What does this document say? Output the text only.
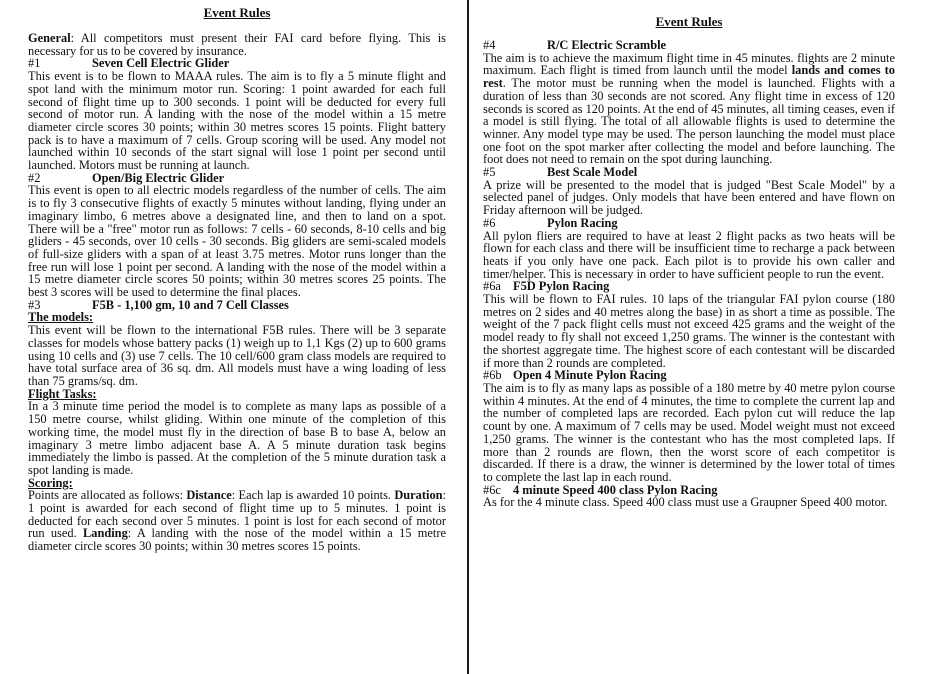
Event Rules

General: All competitors must present their FAI card before flying. This is necessary for us to be covered by insurance.

#1	Seven Cell Electric Glider

This event is to be flown to MAAA rules. The aim is to fly a 5 minute flight and spot land with the minimum motor run. Scoring: 1 point awarded for each full second of flight time up to 300 seconds. 1 point will be deducted for every full second of motor run. A landing with the nose of the model within a 15 metre diameter circle scores 30 points; within 30 metres scores 15 points. Flight battery pack is to have a maximum of 7 cells. Group scoring will be used. Any model not launched within 10 seconds of the start signal will lose 1 point per second until launched. Motors must be running at launch.

#2	Open/Big Electric Glider

This event is open to all electric models regardless of the number of cells. The aim is to fly 3 consecutive flights of exactly 5 minutes without landing, flying under an imaginary limbo, 6 metres above a designated line, and then to land on a spot. There will be a "free" motor run as follows: 7 cells - 60 seconds, 8-10 cells and big gliders - 45 seconds, over 10 cells - 30 seconds. Big gliders are semi-scaled models of full-size gliders with a span of at least 3.75 metres. Motor runs longer than the free run will lose 1 point per second. A landing with the nose of the model within a 15 metre diameter circle scores 50 points; within 30 metres scores 25 points. The best 3 scores will be used to determine the final places.

#3	F5B - 1,100 gm, 10 and 7 Cell Classes
The models:

This event will be flown to the international F5B rules. There will be 3 separate classes for models whose battery packs (1) weigh up to 1,1 Kgs (2) up to 600 grams using 10 cells and (3) use 7 cells. The 10 cell/600 gram class models are required to have total surface area of 36 sq. dm. All models must have a wing loading of less than 75 grams/sq. dm.

Flight Tasks:

In a 3 minute time period the model is to complete as many laps as possible of a 150 metre course, whilst gliding. Within one minute of the completion of this working time, the model must fly in the direction of base B to base A, below an imaginary 3 metre limbo adjacent base A. A 5 minute duration task begins immediately the limbo is passed. At the completion of the 5 minute duration task a spot landing is made.

Scoring:

Points are allocated as follows: Distance: Each lap is awarded 10 points. Duration: 1 point is awarded for each second of flight time up to 5 minutes. 1 point is deducted for each second over 5 minutes. 1 point is lost for each second of motor run used. Landing: A landing with the nose of the model within a 15 metre diameter circle scores 30 points; within 30 metres scores 15 points.

Event Rules
#4	R/C Electric Scramble

The aim is to achieve the maximum flight time in 45 minutes. flights are 2 minute maximum. Each flight is timed from launch until the model lands and comes to rest. The motor must be running when the model is launched. Flights with a duration of less than 30 seconds are not scored. Any flight time in excess of 120 seconds is scored as 120 points. At the end of 45 minutes, all timing ceases, even if a model is still flying. The total of all allowable flights is used to determine the winner. Any model type may be used. The person launching the model must place one foot on the spot marker after collecting the model and before launching. The foot does not need to remain on the spot during launching.

#5	Best Scale Model

A prize will be presented to the model that is judged "Best Scale Model" by a selected panel of judges. Only models that have been entered and have flown on Friday afternoon will be judged.

#6	Pylon Racing

All pylon fliers are required to have at least 2 flight packs as two heats will be flown for each class and there will be insufficient time to recharge a pack between heats if you only have one pack. Each pilot is to provide his own caller and timer/helper. This is necessary in order to have sufficient people to run the event.

#6a F5D Pylon Racing

This will be flown to FAI rules. 10 laps of the triangular FAI pylon course (180 metres on 2 sides and 40 metres along the base) in as short a time as possible. The weight of the 7 pack flight cells must not exceed 425 grams and the weight of the model ready to fly shall not exceed 1,250 grams. The winner is the contestant with the shortest aggregate time. The highest score of each contestant will be discarded if more than 2 rounds are completed.

#6b Open 4 Minute Pylon Racing

The aim is to fly as many laps as possible of a 180 metre by 40 metre pylon course within 4 minutes. At the end of 4 minutes, the time to complete the current lap and the number of completed laps are recorded. Each pylon cut will reduce the lap count by one. A maximum of 7 cells may be used. Model weight must not exceed 1,250 grams. The winner is the contestant who has the most completed laps. If more than 2 rounds are flown, then the worst score of each competitor is discarded. If there is a draw, the winner is determined by the lower total of times to complete the last lap in each round.

#6c 4 minute Speed 400 class Pylon Racing

As for the 4 minute class. Speed 400 class must use a Graupner Speed 400 motor.
